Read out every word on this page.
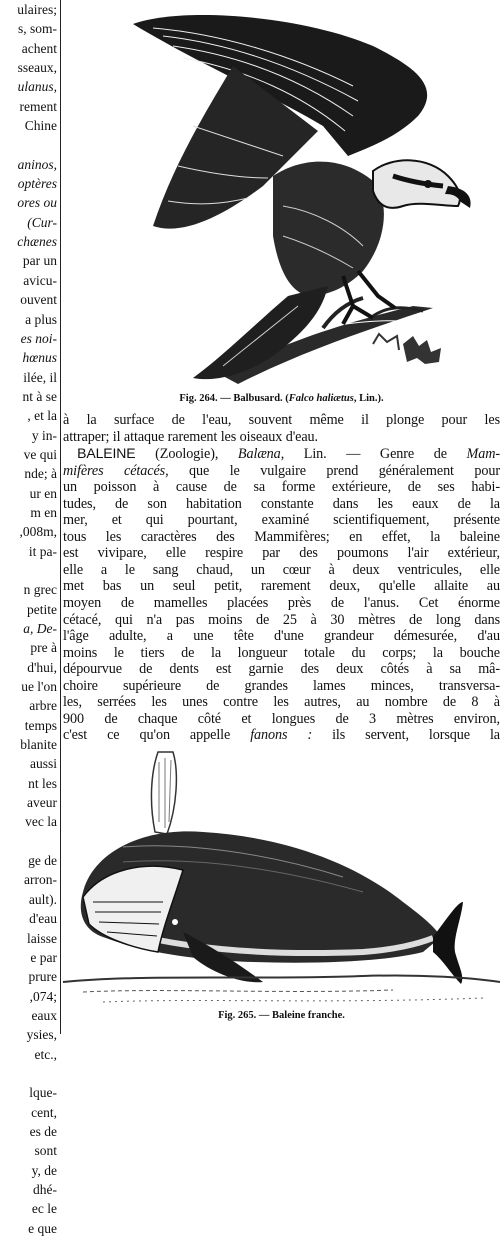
ulaires;
s, som-
achent
sseaux,
ulanus,
rement
Chine

aninos,
optères
ores ou
(Cur-
chænes
par un
avicu-
ouvent
a plus
es noi-
hœnus
ilée, il
nt à se
, et la
y in-
ve qui
nde; à
ur en
m en
,008m,
it pa-

n grec
petite
a, De-
pre à
d'hui,
ue l'on
arbre
temps
blanite
aussi
nt les
aveur
vec la

ge de
arron-
ault).
d'eau
laisse
e par
prure
,074;
eaux
ysies,
etc.,

lque-
cent,
es de
sont
y, de
dhé-
ec le
e que
Fig. 264. — Balbusard. (Falco haliætus, Lin.).
à la surface de l'eau, souvent même il plonge pour les
attraper; il attaque rarement les oiseaux d'eau.
 BALEINE (Zoologie), Balæna, Lin. — Genre de Mam-
mifères cétacés, que le vulgaire prend généralement pour
un poisson à cause de sa forme extérieure, de ses habi-
tudes, de son habitation constante dans les eaux de la
mer, et qui pourtant, examiné scientifiquement, présente
tous les caractères des Mammifères; en effet, la baleine
est vivipare, elle respire par des poumons l'air extérieur,
elle a le sang chaud, un cœur à deux ventricules, elle
met bas un seul petit, rarement deux, qu'elle allaite au
moyen de mamelles placées près de l'anus. Cet énorme
cétacé, qui n'a pas moins de 25 à 30 mètres de long dans
l'âge adulte, a une tête d'une grandeur démesurée, d'au
moins le tiers de la longueur totale du corps; la bouche
dépourvue de dents est garnie des deux côtés à sa mâ-
choire supérieure de grandes lames minces, transversa-
les, serrées les unes contre les autres, au nombre de 8 à
900 de chaque côté et longues de 3 mètres environ,
c'est ce qu'on appelle fanons : ils servent, lorsque la
Fig. 265. — Baleine franche.
